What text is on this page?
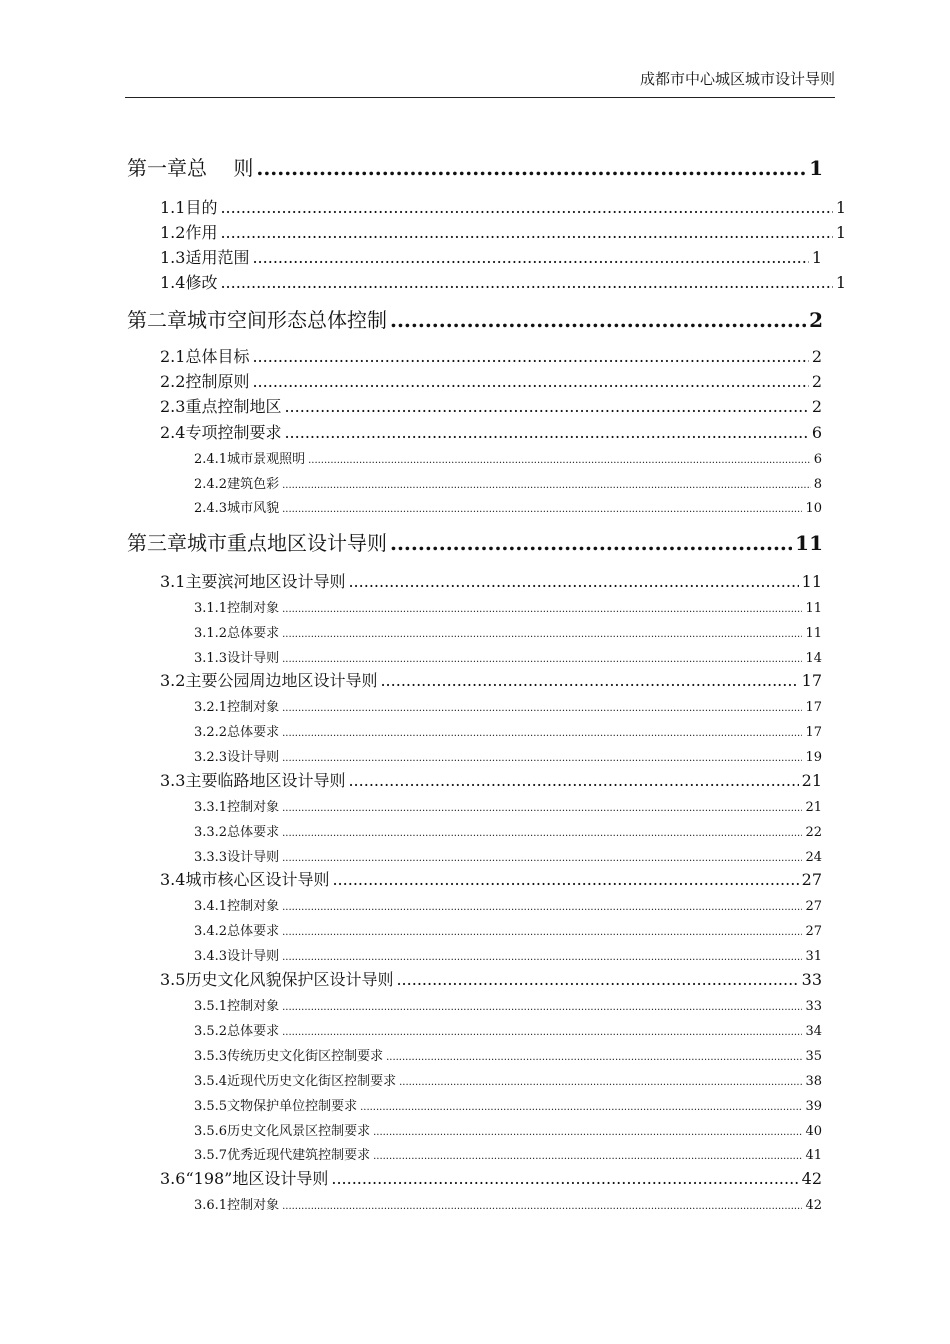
成都市中心城区城市设计导则
第一章 总　 则 .....	1
1.1 目的 .....	1
1.2 作用 .....	1
1.3 适用范围 .....	1
1.4 修改 .....	1
第二章 城市空间形态总体控制 .....	2
2.1 总体目标 .....	2
2.2 控制原则 .....	2
2.3 重点控制地区 .....	2
2.4 专项控制要求 .....	6
2.4.1 城市景观照明 .....	6
2.4.2 建筑色彩 .....	8
2.4.3 城市风貌 .....	10
第三章 城市重点地区设计导则 .....	11
3.1 主要滨河地区设计导则 .....	11
3.1.1 控制对象 .....	11
3.1.2 总体要求 .....	11
3.1.3 设计导则 .....	14
3.2 主要公园周边地区设计导则 .....	17
3.2.1 控制对象 .....	17
3.2.2 总体要求 .....	17
3.2.3 设计导则 .....	19
3.3 主要临路地区设计导则 .....	21
3.3.1 控制对象 .....	21
3.3.2 总体要求 .....	22
3.3.3 设计导则 .....	24
3.4 城市核心区设计导则 .....	27
3.4.1 控制对象 .....	27
3.4.2 总体要求 .....	27
3.4.3 设计导则 .....	31
3.5 历史文化风貌保护区设计导则 .....	33
3.5.1 控制对象 .....	33
3.5.2 总体要求 .....	34
3.5.3 传统历史文化街区控制要求 .....	35
3.5.4 近现代历史文化街区控制要求 .....	38
3.5.5 文物保护单位控制要求 .....	39
3.5.6 历史文化风景区控制要求 .....	40
3.5.7 优秀近现代建筑控制要求 .....	41
3.6 “198”地区设计导则 .....	42
3.6.1 控制对象 .....	42
